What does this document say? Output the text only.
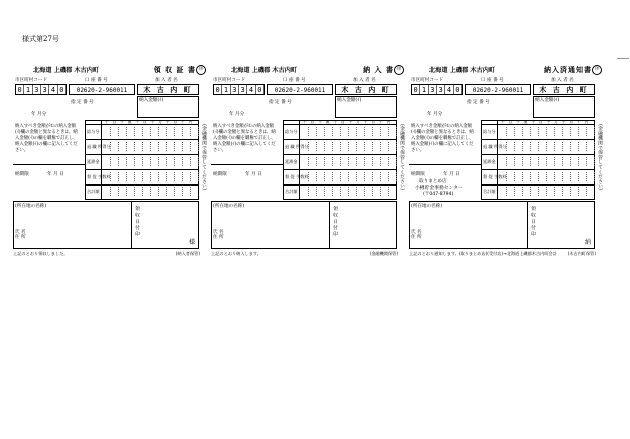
様式第27号
北海道 上磯郡 木古内町	領 収 証 書 ㊞
市区町村コード	口 座 番 号	加 入 者 名
0 1 3 3 4 0	02620-2-960011	木 古 内 町
指 定 番 号	納入金額(ｲ)
年 月分
千 百 十 億 千 百 十 万 千 百 十 円
給与分
退 職 所得分
延滞金
督 促 手数料
合計額
納入すべき金額が①の納入金額(ｲ)欄の金額と異なるときは、納入金額(ｲ)の欄を職権で訂正し、納入金額(ｲ)の欄に記入してください。
納期限	年 月 日	(金融機関で保管してください)
(所在地の名称)
氏 名
住 所
領 収 日 付 印
様
上記のとおり領収しました。	(納入者保管)
北海道 上磯郡 木古内町	納 入 書 ㊞
市区町村コード	口 座 番 号	加 入 者 名
0 1 3 3 4 0	02620-2-960011	木 古 内 町
指 定 番 号	納入金額(ｲ)
年 月分
千 百 十 億 千 百 十 万 千 百 十 円
給与分
退 職 所得分
延滞金
督 促 手数料
合計額
納入すべき金額が①の納入金額(ｲ)欄の金額と異なるときは、納入金額(ｲ)の欄を職権で訂正し、納入金額(ｲ)の欄に記入してください。
納期限	年 月 日	(金融機関で保管してください)
(所在地の名称)
氏 名
住 所
領 収 日 付 印
上記のとおり納入します。	(金融機関保管)
北海道 上磯郡 木古内町	納入済通知書 ㊞
市区町村コード	口 座 番 号	加 入 者 名
0 1 3 3 4 0	02620-2-960011	木 古 内 町
指 定 番 号	納入金額(ｲ)
年 月分
千 百 十 億 千 百 十 万 千 百 十 円
給与分
退 職 所得分
延滞金
督 促 手数料
合計額
納入すべき金額が①の納入金額(ｲ)欄の金額と異なるときは、納入金額(ｲ)の欄を職権で訂正し、納入金額(ｲ)の欄に記入してください。
納期限	年 月 日	(金融機関で保管してください)
(所在地の名称)
氏 名
住 所
領 収 日 付 印
納
上記のとおり通知します。(取りまとめ店)(受付店)→北海道上磯郡木古内町会計	(木古内町保管)
取りまとめ店
小樽貯金事務センター
(〒047-8794)
